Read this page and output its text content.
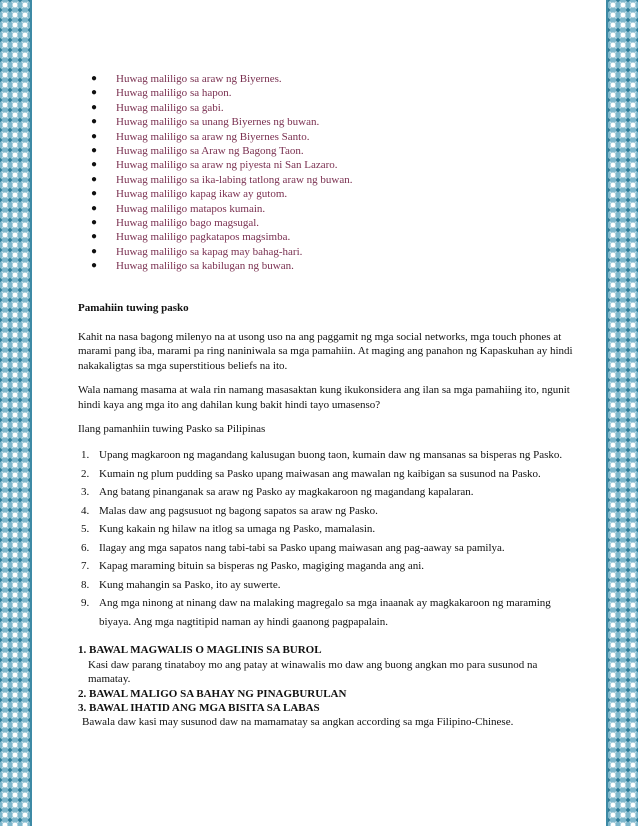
● Huwag maliligo sa araw ng Biyernes.
● Huwag maliligo sa hapon.
● Huwag maliligo sa gabi.
● Huwag maliligo sa unang Biyernes ng buwan.
● Huwag maliligo sa araw ng Biyernes Santo.
● Huwag maliligo sa Araw ng Bagong Taon.
● Huwag maliligo sa araw ng piyesta ni San Lazaro.
● Huwag maliligo sa ika-labing tatlong araw ng buwan.
● Huwag maliligo kapag ikaw ay gutom.
● Huwag maliligo matapos kumain.
● Huwag maliligo bago magsugal.
● Huwag maliligo pagkatapos magsimba.
● Huwag maliligo sa kapag may bahag-hari.
● Huwag maliligo sa kabilugan ng buwan.

Pamahiin tuwing pasko

Kahit na nasa bagong milenyo na at usong uso na ang paggamit ng mga social networks, mga touch phones at marami pang iba, marami pa ring naniniwala sa mga pamahiin. At maging ang panahon ng Kapaskuhan ay hindi nakakaligtas sa mga superstitious beliefs na ito.

Wala namang masama at wala rin namang masasaktan kung ikukonsidera ang ilan sa mga pamahiing ito, ngunit hindi kaya ang mga ito ang dahilan kung bakit hindi tayo umasenso?

Ilang pamanhiin tuwing Pasko sa Pilipinas

1. Upang magkaroon ng magandang kalusugan buong taon, kumain daw ng mansanas sa bisperas ng Pasko.
2. Kumain ng plum pudding sa Pasko upang maiwasan ang mawalan ng kaibigan sa susunod na Pasko.
3. Ang batang pinanganak sa araw ng Pasko ay magkakaroon ng magandang kapalaran.
4. Malas daw ang pagsusuot ng bagong sapatos sa araw ng Pasko.
5. Kung kakain ng hilaw na itlog sa umaga ng Pasko, mamalasin.
6. Ilagay ang mga sapatos nang tabi-tabi sa Pasko upang maiwasan ang pag-aaway sa pamilya.
7. Kapag maraming bituin sa bisperas ng Pasko, magiging maganda ang ani.
8. Kung mahangin sa Pasko, ito ay suwerte.
9. Ang mga ninong at ninang daw na malaking magregalo sa mga inaanak ay magkakaroon ng maraming biyaya. Ang mga nagtitipid naman ay hindi gaanong pagpapalain.

1. BAWAL MAGWALIS O MAGLINIS SA BUROL

Kasi daw parang tinataboy mo ang patay at winawalis mo daw ang buong angkan mo para susunod na mamatay.

2. BAWAL MALIGO SA BAHAY NG PINAGBURULAN

3. BAWAL IHATID ANG MGA BISITA SA LABAS

Bawala daw kasi may susunod daw na mamamatay sa angkan according sa mga Filipino-Chinese.
